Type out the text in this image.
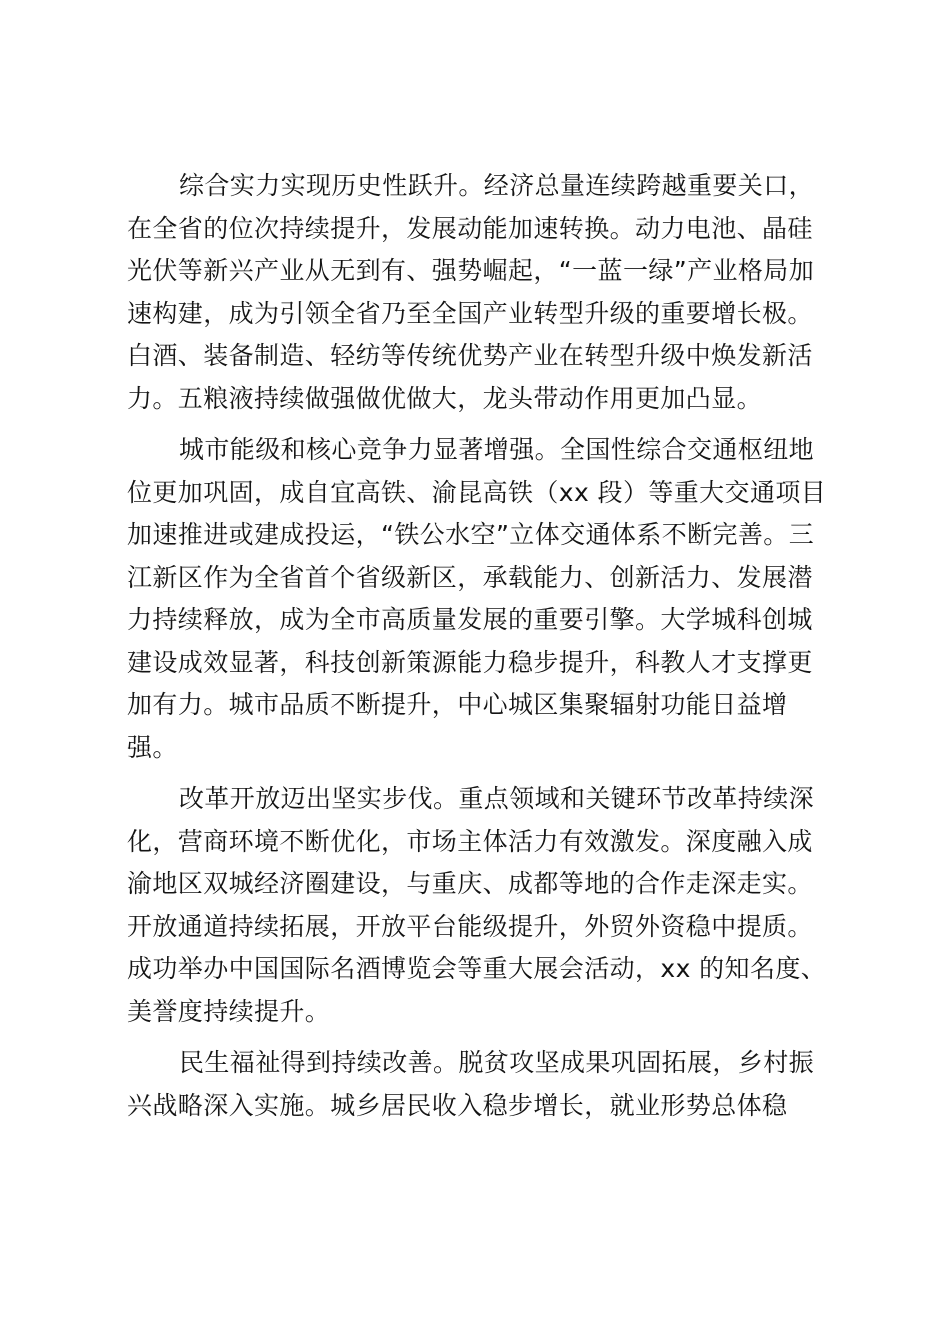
综合实力实现历史性跃升。经济总量连续跨越重要关口，
在全省的位次持续提升，发展动能加速转换。动力电池、晶硅
光伏等新兴产业从无到有、强势崛起，“一蓝一绿”产业格局加
速构建，成为引领全省乃至全国产业转型升级的重要增长极。
白酒、装备制造、轻纺等传统优势产业在转型升级中焕发新活
力。五粮液持续做强做优做大，龙头带动作用更加凸显。

城市能级和核心竞争力显著增强。全国性综合交通枢纽地
位更加巩固，成自宜高铁、渝昆高铁（xx 段）等重大交通项目
加速推进或建成投运，“铁公水空”立体交通体系不断完善。三
江新区作为全省首个省级新区，承载能力、创新活力、发展潜
力持续释放，成为全市高质量发展的重要引擎。大学城科创城
建设成效显著，科技创新策源能力稳步提升，科教人才支撑更
加有力。城市品质不断提升，中心城区集聚辐射功能日益增
强。

改革开放迈出坚实步伐。重点领域和关键环节改革持续深
化，营商环境不断优化，市场主体活力有效激发。深度融入成
渝地区双城经济圈建设，与重庆、成都等地的合作走深走实。
开放通道持续拓展，开放平台能级提升，外贸外资稳中提质。
成功举办中国国际名酒博览会等重大展会活动，xx 的知名度、
美誉度持续提升。

民生福祉得到持续改善。脱贫攻坚成果巩固拓展，乡村振
兴战略深入实施。城乡居民收入稳步增长，就业形势总体稳
